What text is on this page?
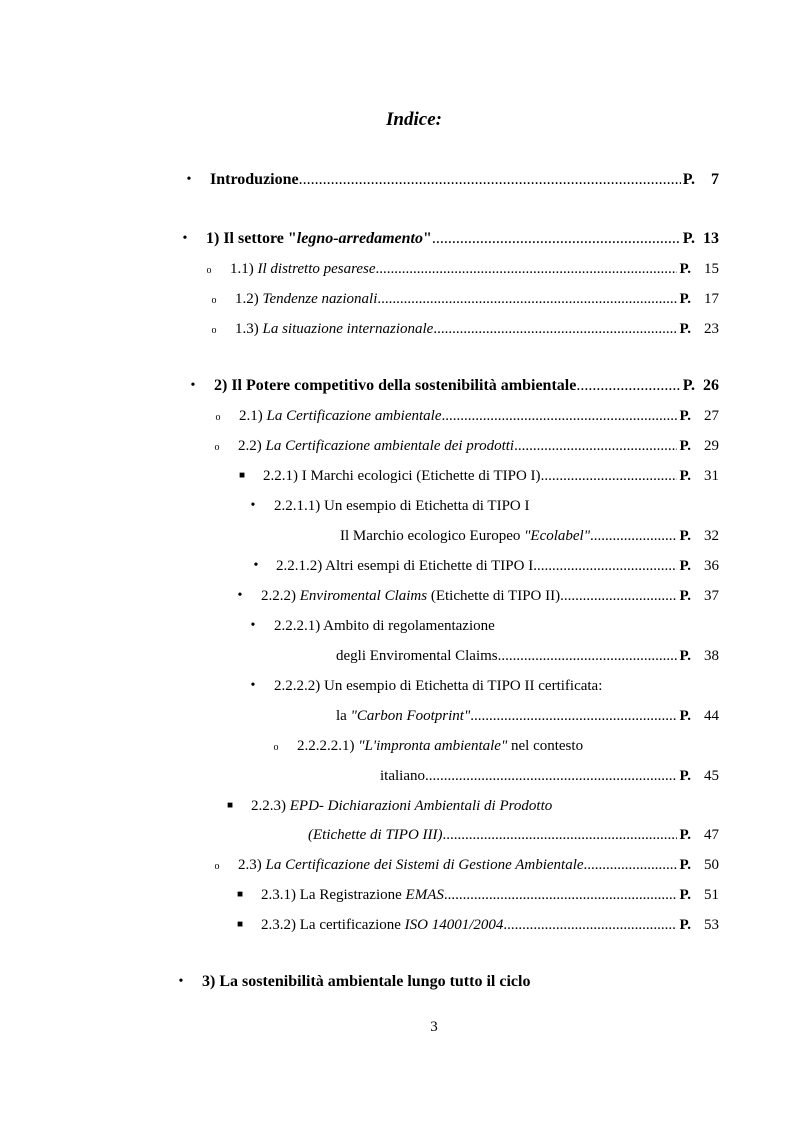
Indice:
• Introduzione .....	P. 7
• 1) Il settore "legno-arredamento" .....	P. 13
o	1.1) Il distretto pesarese .....	P. 15
o	1.2) Tendenze nazionali .....	P. 17
o	1.3) La situazione internazionale .....	P. 23
• 2) Il Potere competitivo della sostenibilità ambientale .....	P. 26
o	2.1) La Certificazione ambientale .....	P. 27
o	2.2) La Certificazione ambientale dei prodotti .....	P. 29
■ 2.2.1) I Marchi ecologici (Etichette di TIPO I) .....	P. 31
•	2.2.1.1) Un esempio di Etichetta di TIPO I
Il Marchio ecologico Europeo "Ecolabel" .....	P. 32
•	2.2.1.2) Altri esempi di Etichette di TIPO I .....	P. 36
•	2.2.2) Enviromental Claims (Etichette di TIPO II) .....	P. 37
•	2.2.2.1) Ambito di regolamentazione
degli Enviromental Claims .....	P. 38
•	2.2.2.2) Un esempio di Etichetta di TIPO II certificata:
la "Carbon Footprint" .....	P. 44
o	2.2.2.2.1) "L'impronta ambientale" nel contesto
italiano .....	P. 45
■ 2.2.3) EPD- Dichiarazioni Ambientali di Prodotto
(Etichette di TIPO III) .....	P. 47
o	2.3) La Certificazione dei Sistemi di Gestione Ambientale .....	P. 50
■ 2.3.1) La Registrazione EMAS .....	P. 51
■ 2.3.2) La certificazione ISO 14001/2004 .....	P. 53
• 3) La sostenibilità ambientale lungo tutto il ciclo
3
